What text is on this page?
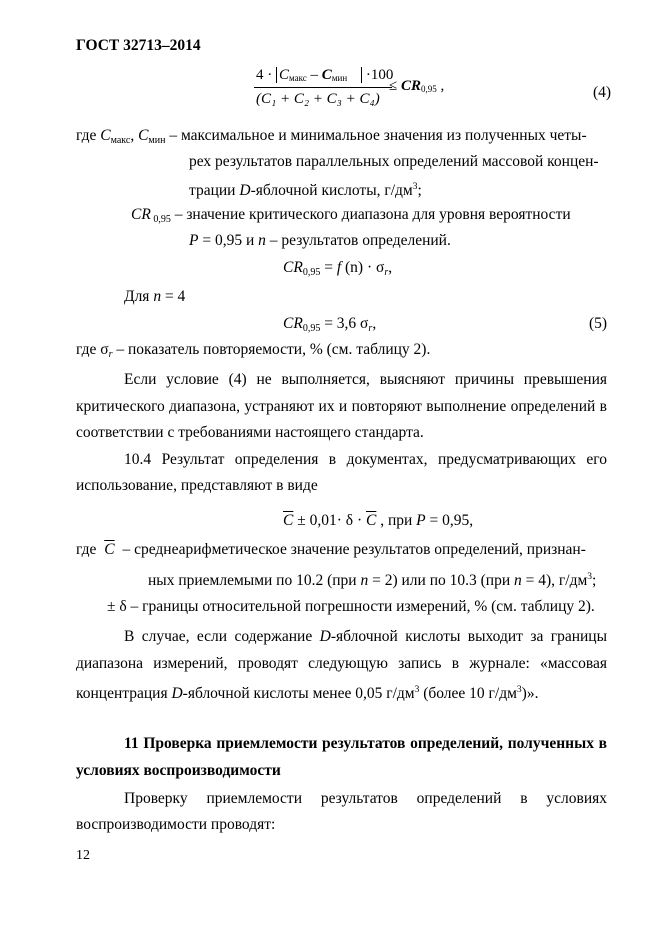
ГОСТ 32713–2014
4 · Cмакс – Cмин ·100
(C₁ + C₂ + C₃ + C₄)
≤ CR0,95 ,	(4)
где $C_{макс}$, $C_{мин}$ – максимальное и минимальное значения из полученных четы-
рех результатов параллельных определений массовой концен-
трации D-яблочной кислоты, $г/дм^3$;
CR $_{0,95}$ – значение критического диапазона для уровня вероятности
P = 0,95 и n – результатов определений.
$CR_{0,95} = f$ $(n) \cdot \sigma_r$,
Для n = 4
$CR_{0,95} = 3,6$ $\sigma_r$,	(5)
где $\sigma_r$ – показатель повторяемости, % (см. таблицу 2).
Если условие (4) не выполняется, выясняют причины превышения
критического диапазона, устраняют их и повторяют выполнение определений в
соответствии с требованиями настоящего стандарта.
10.4 Результат определения в документах, предусматривающих его
использование, представляют в виде
$\overline{C} \pm 0,01\cdot \delta \cdot \overline{C}$ , при P = 0,95,
где $\overline{C}$ – среднеарифметическое значение результатов определений, признан-
ных приемлемыми по 10.2 (при n = 2) или по 10.3 (при n = 4), $г/дм^3$;
± δ – границы относительной погрешности измерений, % (см. таблицу 2).
В случае, если содержание D-яблочной кислоты выходит за границы
диапазона измерений, проводят следующую запись в журнале: «массовая
концентрация D-яблочной кислоты менее 0,05 $г/дм^3$ (более 10 $г/дм^3$)».
11 Проверка приемлемости результатов определений, полученных в
условиях воспроизводимости
Проверку приемлемости результатов определений в условиях
воспроизводимости проводят:
12
